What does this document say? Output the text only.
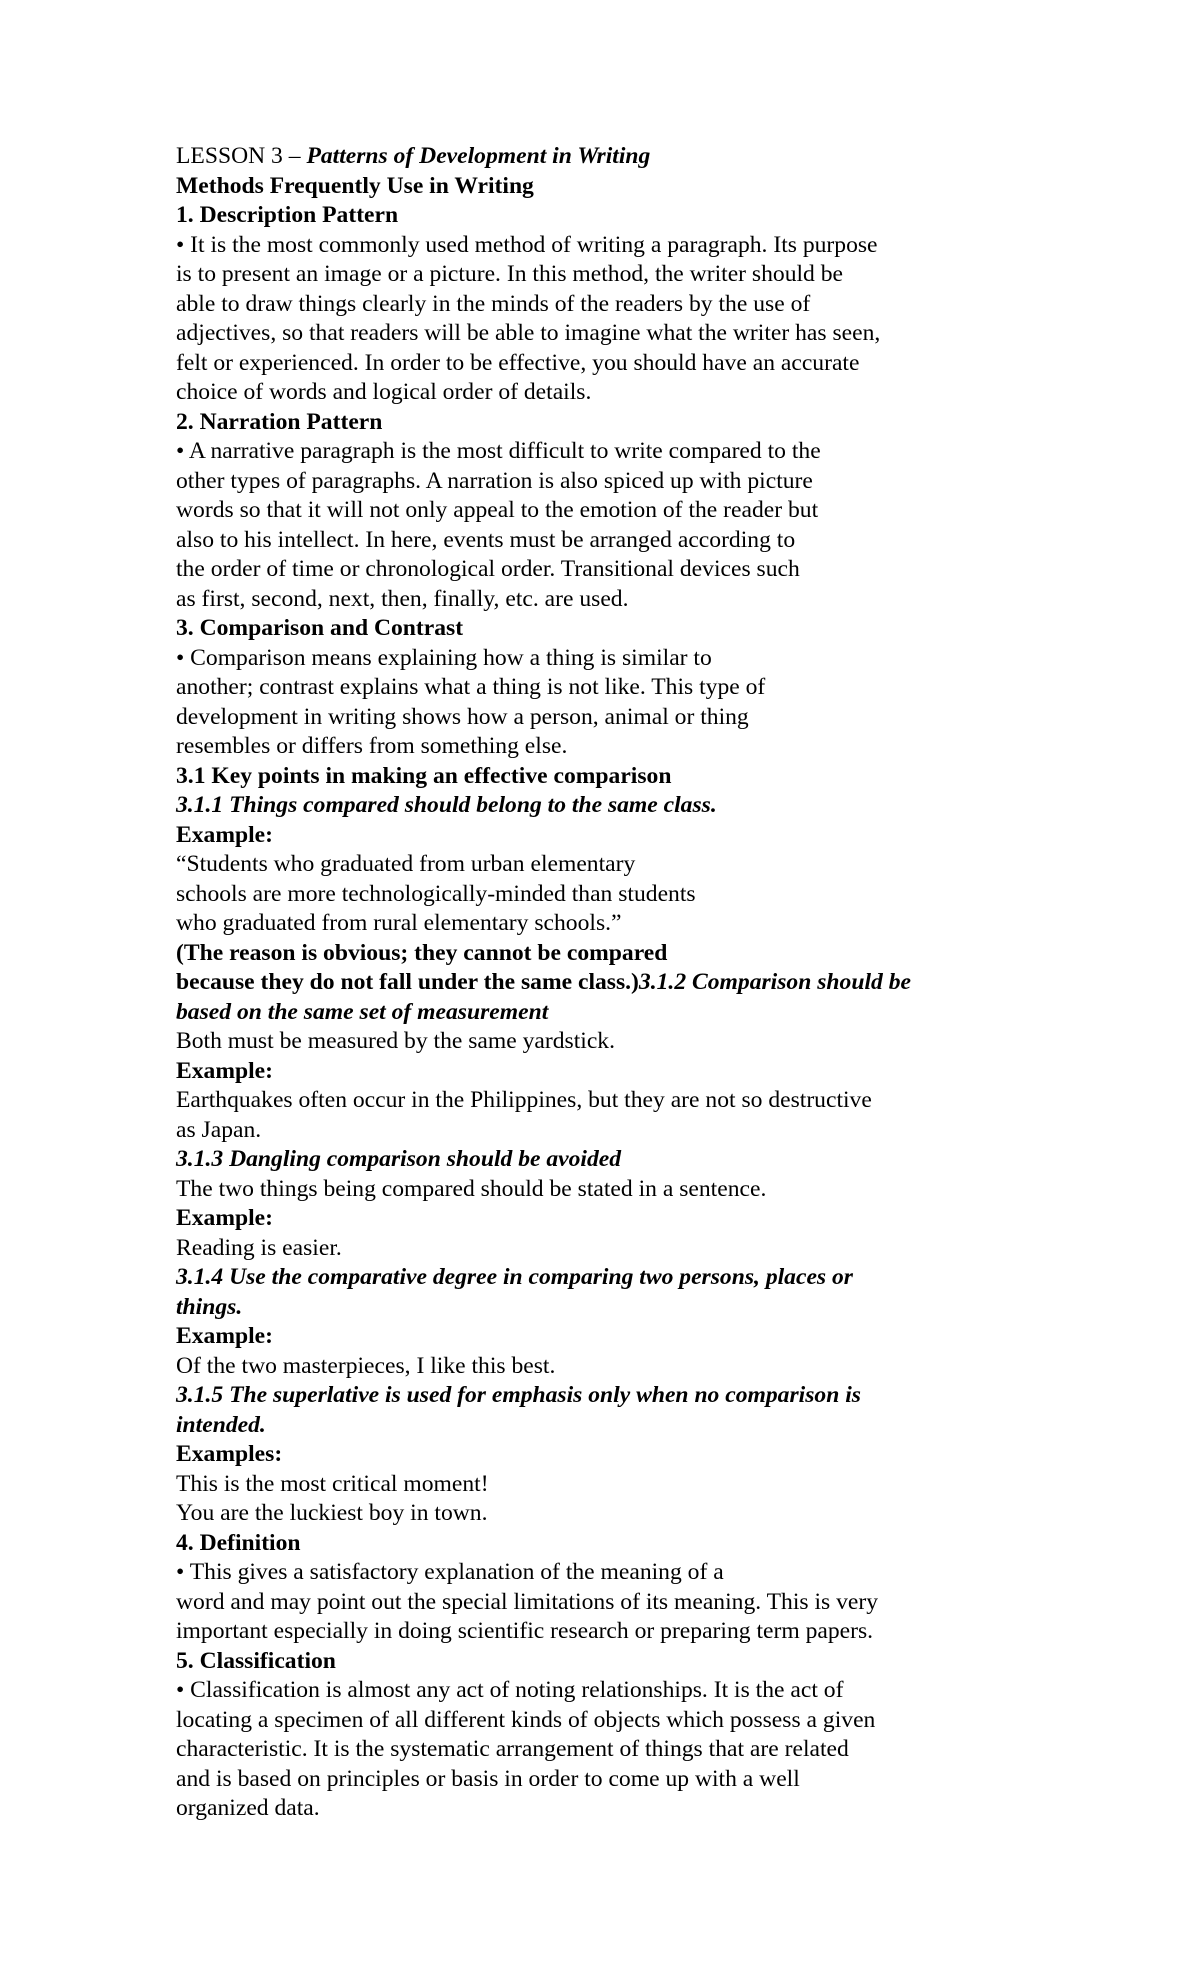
LESSON 3 – Patterns of Development in Writing
Methods Frequently Use in Writing
1. Description Pattern
• It is the most commonly used method of writing a paragraph. Its purpose
is to present an image or a picture. In this method, the writer should be
able to draw things clearly in the minds of the readers by the use of
adjectives, so that readers will be able to imagine what the writer has seen,
felt or experienced. In order to be effective, you should have an accurate
choice of words and logical order of details.
2. Narration Pattern
• A narrative paragraph is the most difficult to write compared to the
other types of paragraphs. A narration is also spiced up with picture
words so that it will not only appeal to the emotion of the reader but
also to his intellect. In here, events must be arranged according to
the order of time or chronological order. Transitional devices such
as first, second, next, then, finally, etc. are used.
3. Comparison and Contrast
• Comparison means explaining how a thing is similar to
another; contrast explains what a thing is not like. This type of
development in writing shows how a person, animal or thing
resembles or differs from something else.
3.1 Key points in making an effective comparison
3.1.1 Things compared should belong to the same class.
Example:
“Students who graduated from urban elementary
schools are more technologically-minded than students
who graduated from rural elementary schools.”
(The reason is obvious; they cannot be compared
because they do not fall under the same class.)3.1.2 Comparison should be
based on the same set of measurement
Both must be measured by the same yardstick.
Example:
Earthquakes often occur in the Philippines, but they are not so destructive
as Japan.
3.1.3 Dangling comparison should be avoided
The two things being compared should be stated in a sentence.
Example:
Reading is easier.
3.1.4 Use the comparative degree in comparing two persons, places or
things.
Example:
Of the two masterpieces, I like this best.
3.1.5 The superlative is used for emphasis only when no comparison is
intended.
Examples:
This is the most critical moment!
You are the luckiest boy in town.
4. Definition
• This gives a satisfactory explanation of the meaning of a
word and may point out the special limitations of its meaning. This is very
important especially in doing scientific research or preparing term papers.
5. Classification
• Classification is almost any act of noting relationships. It is the act of
locating a specimen of all different kinds of objects which possess a given
characteristic. It is the systematic arrangement of things that are related
and is based on principles or basis in order to come up with a well
organized data.
